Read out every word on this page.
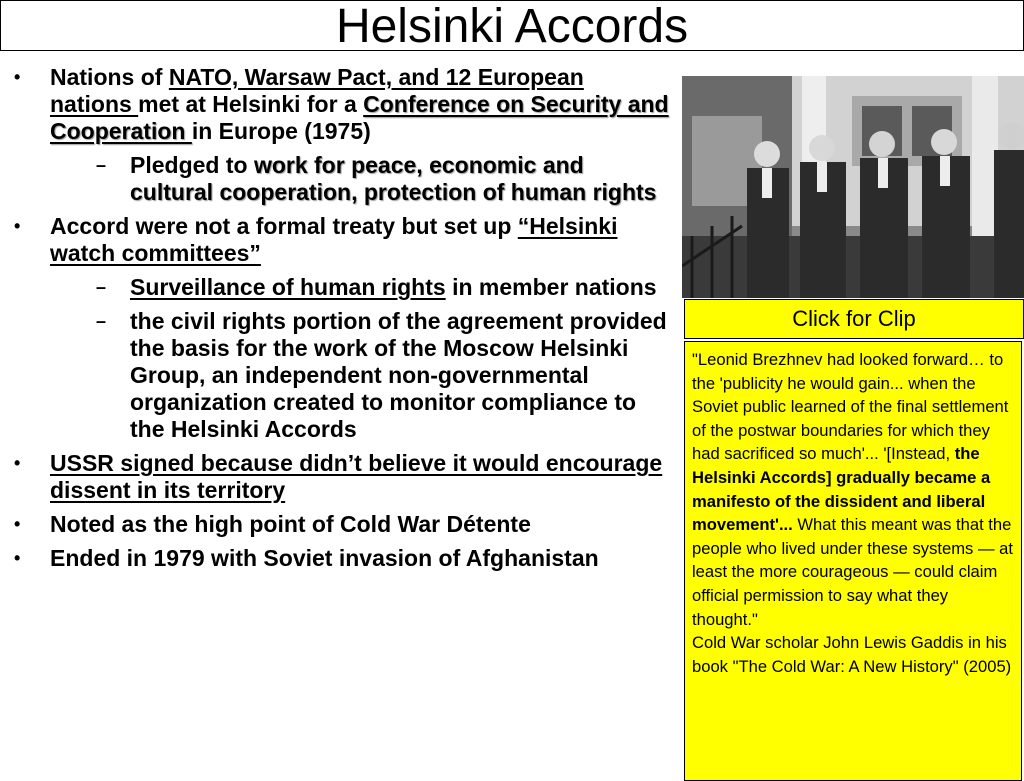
Helsinki Accords
• Nations of NATO, Warsaw Pact, and 12 European nations met at Helsinki for a Conference on Security and Cooperation in Europe (1975)
– Pledged to work for peace, economic and cultural cooperation, protection of human rights
• Accord were not a formal treaty but set up “Helsinki watch committees”
– Surveillance of human rights in member nations
– the civil rights portion of the agreement provided the basis for the work of the Moscow Helsinki Group, an independent non-governmental organization created to monitor compliance to the Helsinki Accords
• USSR signed because didn’t believe it would encourage dissent in its territory
• Noted as the high point of Cold War Détente
• Ended in 1979 with Soviet invasion of Afghanistan
Click for Clip
"Leonid Brezhnev had looked forward… to the 'publicity he would gain... when the Soviet public learned of the final settlement of the postwar boundaries for which they had sacrificed so much'... '[Instead, the Helsinki Accords] gradually became a manifesto of the dissident and liberal movement'... What this meant was that the people who lived under these systems — at least the more courageous — could claim official permission to say what they thought."
Cold War scholar John Lewis Gaddis in his book "The Cold War: A New History" (2005)
